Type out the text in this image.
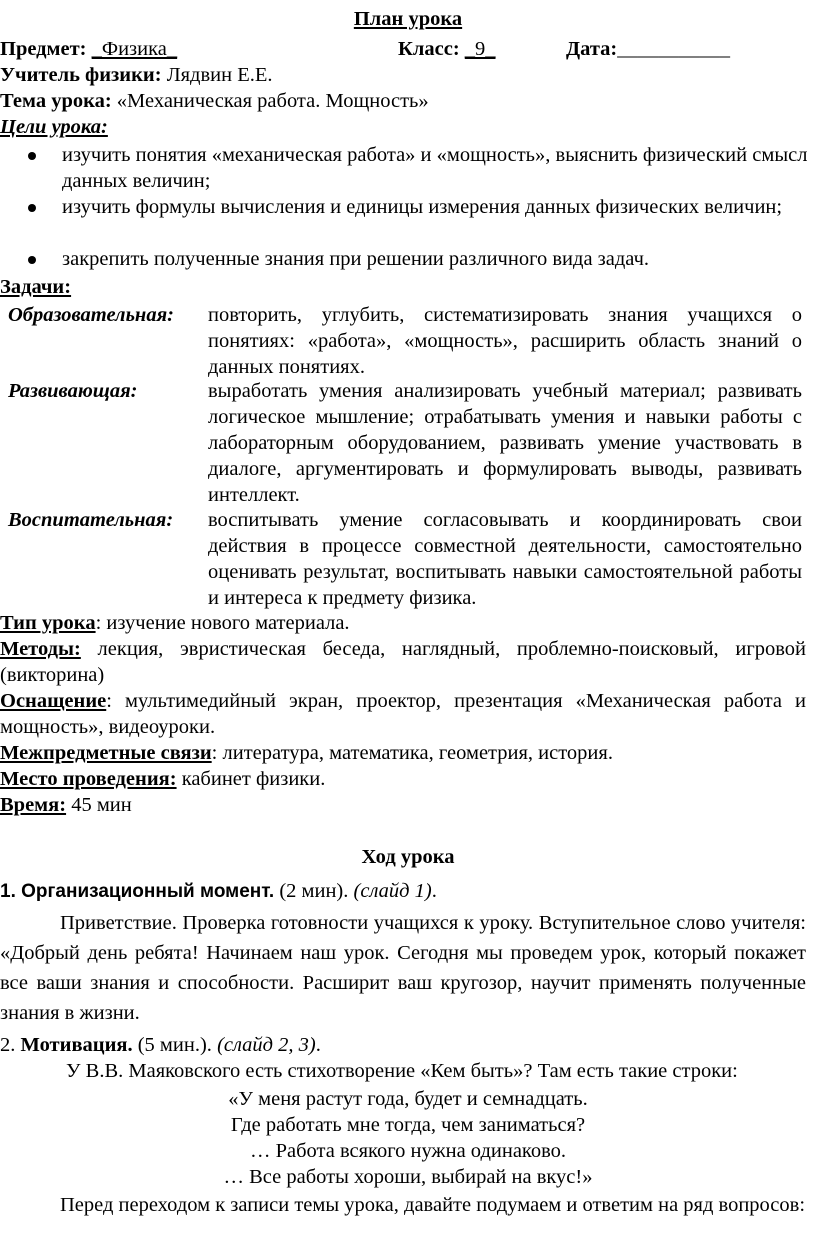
План урока
Предмет: _Физика_	Класс: _9_	Дата:___________
Учитель физики: Лядвин Е.Е.
Тема урока: «Механическая работа. Мощность»
Цели урока:
изучить понятия «механическая работа» и «мощность», выяснить физический смысл данных величин;
изучить формулы вычисления и единицы измерения данных физических величин;
закрепить полученные знания при решении различного вида задач.
Задачи:
Образовательная: повторить, углубить, систематизировать знания учащихся о понятиях: «работа», «мощность», расширить область знаний о данных понятиях.
Развивающая:	выработать умения анализировать учебный материал; развивать логическое мышление; отрабатывать умения и навыки работы с лабораторным оборудованием, развивать умение участвовать в диалоге, аргументировать и формулировать выводы, развивать интеллект.
Воспитательная: воспитывать умение согласовывать и координировать свои действия в процессе совместной деятельности, самостоятельно оценивать результат, воспитывать навыки самостоятельной работы и интереса к предмету физика.
Тип урока: изучение нового материала.
Методы: лекция, эвристическая беседа, наглядный, проблемно-поисковый, игровой (викторина)
Оснащение: мультимедийный экран, проектор, презентация «Механическая работа и мощность», видеоуроки.
Межпредметные связи: литература, математика, геометрия, история.
Место проведения: кабинет физики.
Время: 45 мин
Ход урока
1. Организационный момент. (2 мин). (слайд 1).
Приветствие. Проверка готовности учащихся к уроку. Вступительное слово учителя: «Добрый день ребята! Начинаем наш урок. Сегодня мы проведем урок, который покажет все ваши знания и способности. Расширит ваш кругозор, научит применять полученные знания в жизни.
2. Мотивация. (5 мин.). (слайд 2, 3).
У В.В. Маяковского есть стихотворение «Кем быть»? Там есть такие строки:
«У меня растут года, будет и семнадцать.
Где работать мне тогда, чем заниматься?
… Работа всякого нужна одинаково.
… Все работы хороши, выбирай на вкус!»
Перед переходом к записи темы урока, давайте подумаем и ответим на ряд вопросов:
